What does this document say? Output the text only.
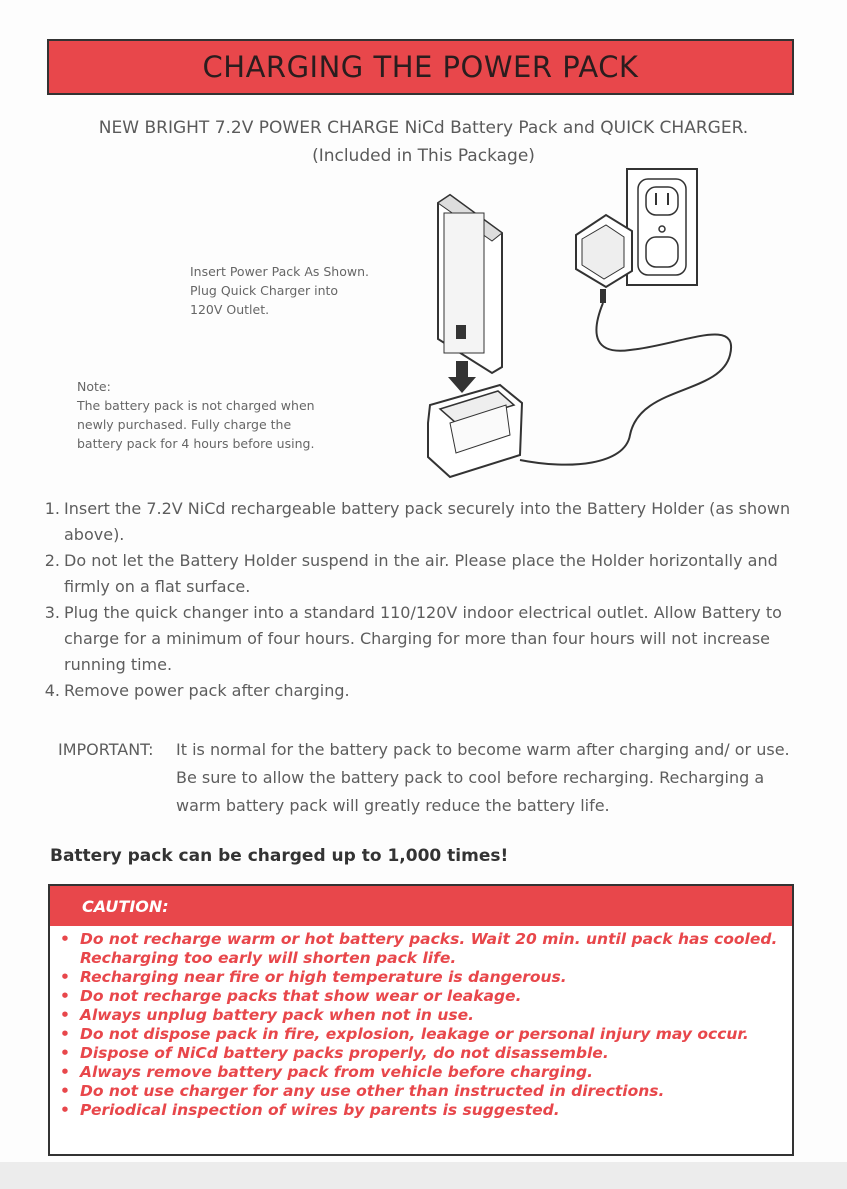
CHARGING THE POWER PACK
NEW BRIGHT 7.2V POWER CHARGE NiCd Battery Pack and QUICK CHARGER.
(Included in This Package)
Insert Power Pack As Shown.
Plug Quick Charger into
120V Outlet.
Note:
The battery pack is not charged when
newly purchased. Fully charge the
battery pack for 4 hours before using.
1. Insert the 7.2V NiCd rechargeable battery pack securely into the Battery Holder (as shown above).
2. Do not let the Battery Holder suspend in the air. Please place the Holder horizontally and firmly on a flat surface.
3. Plug the quick changer into a standard 110/120V indoor electrical outlet. Allow Battery to charge for a minimum of four hours. Charging for more than four hours will not increase running time.
4. Remove power pack after charging.
IMPORTANT:	It is normal for the battery pack to become warm after charging and/ or use. Be sure to allow the battery pack to cool before recharging. Recharging a warm battery pack will greatly reduce the battery life.
Battery pack can be charged up to 1,000 times!
CAUTION:
• Do not recharge warm or hot battery packs. Wait 20 min. until pack has cooled. Recharging too early will shorten pack life.
• Recharging near fire or high temperature is dangerous.
• Do not recharge packs that show wear or leakage.
• Always unplug battery pack when not in use.
• Do not dispose pack in fire, explosion, leakage or personal injury may occur.
• Dispose of NiCd battery packs properly, do not disassemble.
• Always remove battery pack from vehicle before charging.
• Do not use charger for any use other than instructed in directions.
• Periodical inspection of wires by parents is suggested.
